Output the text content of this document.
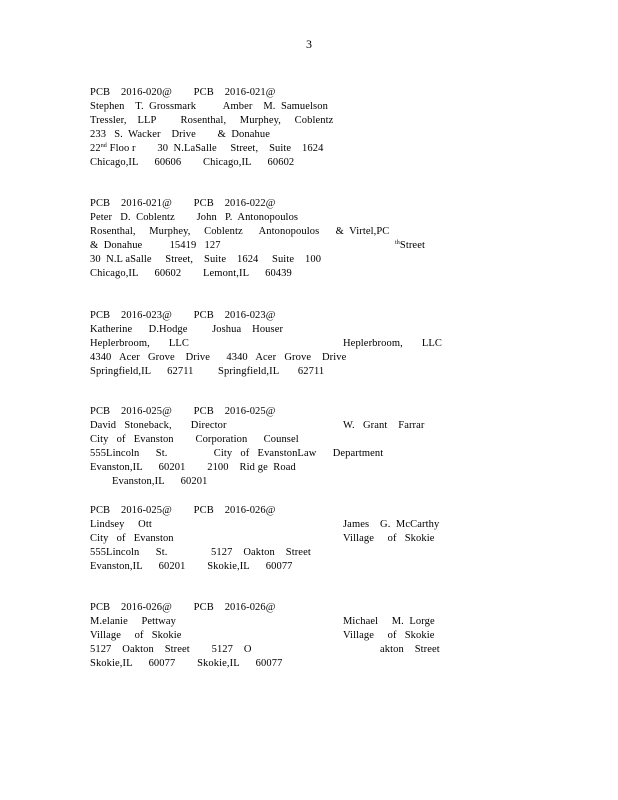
3
PCB    2016-020@        PCB    2016-021@
Stephen    T.  Grossmark          Amber    M.  Samuelson
Tressler,    LLP         Rosenthal,     Murphey,     Coblentz
233   S.  Wacker    Drive        &  Donahue
22nd Floo r        30  N.LaSalle     Street,    Suite    1624
Chicago,IL      60606        Chicago,IL      60602
PCB    2016-021@        PCB    2016-022@
Peter   D.  Coblentz        John   P.  Antonopoulos
Rosenthal,     Murphey,     Coblentz      Antonopoulos      &  Virtel,PC
&  Donahue          15419   127	$^{th}$Street
30  N.L aSalle     Street,    Suite    1624     Suite    100
Chicago,IL      60602        Lemont,IL      60439
PCB    2016-023@        PCB    2016-023@
Katherine      D.Hodge         Joshua    Houser
Heplerbroom,       LLC	Heplerbroom,       LLC
4340   Acer   Grove    Drive      4340   Acer   Grove    Drive
Springfield,IL      62711         Springfield,IL       62711
PCB    2016-025@        PCB    2016-025@
David   Stoneback,       Director	W.   Grant    Farrar
City   of   Evanston        Corporation      Counsel
555Lincoln      St.                 City   of   EvanstonLaw      Department
Evanston,IL      60201        2100    Rid ge  Road
Evanston,IL      60201
PCB    2016-025@        PCB    2016-026@
Lindsey     Ott	James    G.  McCarthy
City   of   Evanston	Village     of   Skokie
555Lincoln      St.                5127    Oakton    Street
Evanston,IL      60201        Skokie,IL      60077
PCB    2016-026@        PCB    2016-026@
M.elanie     Pettway	Michael     M.  Lorge
Village     of   Skokie	Village     of   Skokie
5127    Oakton    Street        5127    O	akton    Street
Skokie,IL      60077        Skokie,IL      60077
